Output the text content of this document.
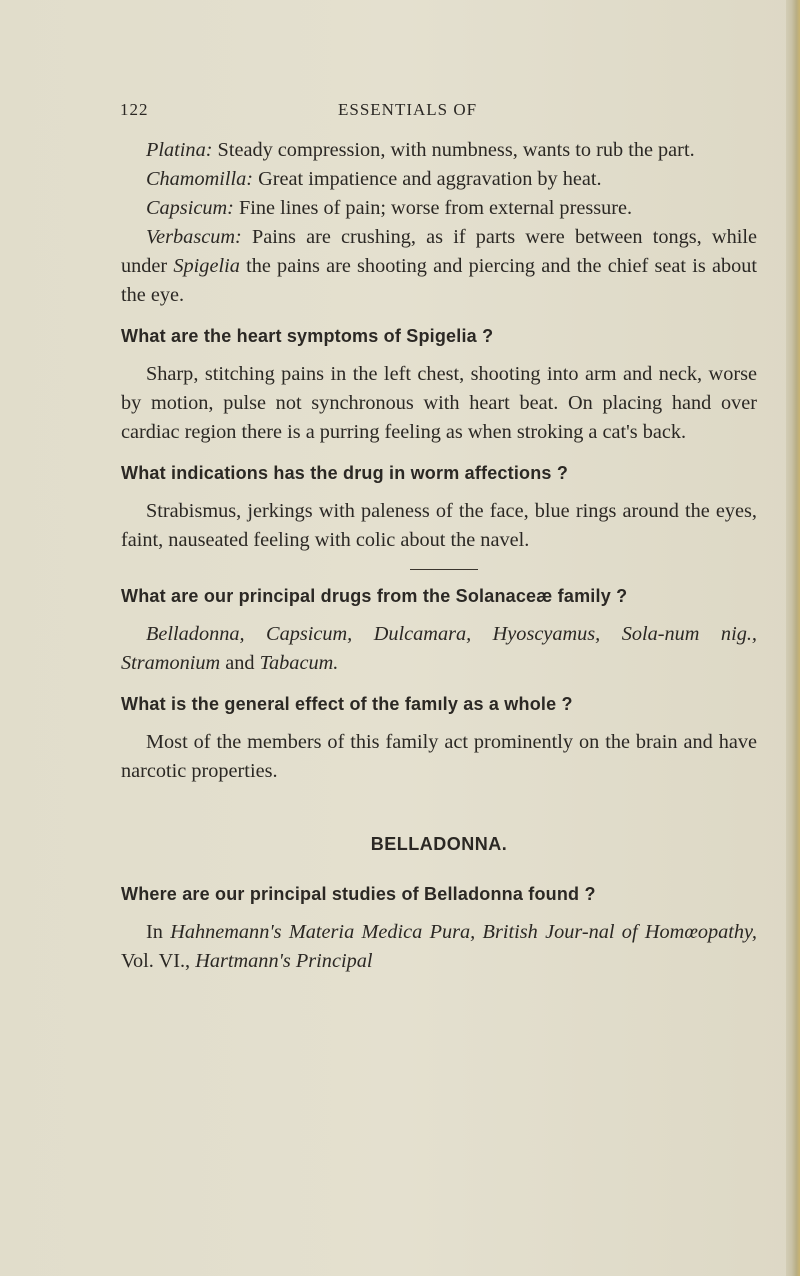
122	ESSENTIALS OF

Platina: Steady compression, with numbness, wants to rub the part.

Chamomilla: Great impatience and aggravation by heat.

Capsicum: Fine lines of pain; worse from external pressure.

Verbascum: Pains are crushing, as if parts were between tongs, while under Spigelia the pains are shooting and piercing and the chief seat is about the eye.

What are the heart symptoms of Spigelia ?

Sharp, stitching pains in the left chest, shooting into arm and neck, worse by motion, pulse not synchronous with heart beat. On placing hand over cardiac region there is a purring feeling as when stroking a cat's back.

What indications has the drug in worm affections ?

Strabismus, jerkings with paleness of the face, blue rings around the eyes, faint, nauseated feeling with colic about the navel.

What are our principal drugs from the Solanaceæ family ?

Belladonna, Capsicum, Dulcamara, Hyoscyamus, Sola-num nig., Stramonium and Tabacum.

What is the general effect of the famıly as a whole ?

Most of the members of this family act prominently on the brain and have narcotic properties.

BELLADONNA.

Where are our principal studies of Belladonna found ?

In Hahnemann's Materia Medica Pura, British Jour-nal of Homœopathy, Vol. VI., Hartmann's Principal
